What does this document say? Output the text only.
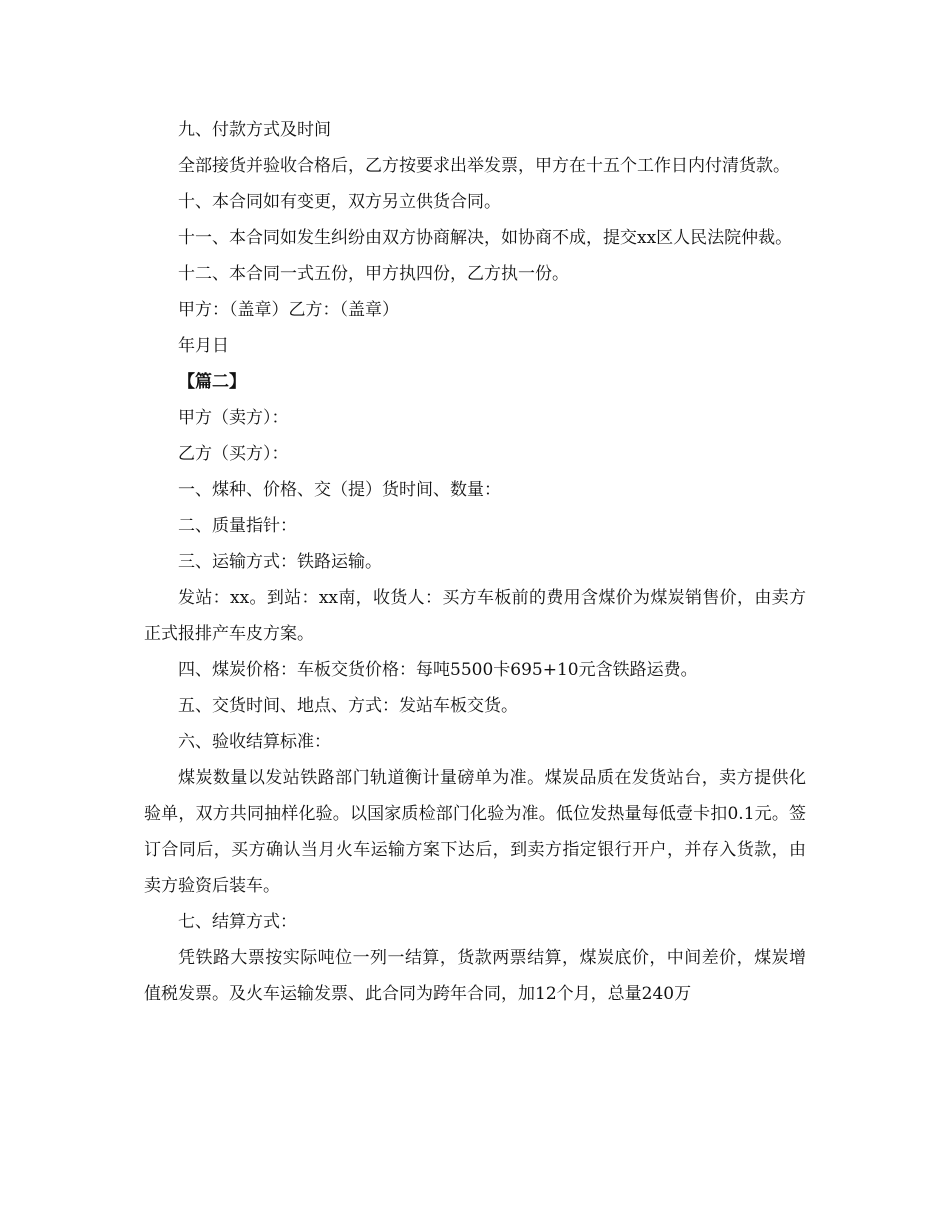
九、付款方式及时间

全部接货并验收合格后，乙方按要求出举发票，甲方在十五个工作日内付清货款。

十、本合同如有变更，双方另立供货合同。

十一、本合同如发生纠纷由双方协商解决，如协商不成，提交xx区人民法院仲裁。

十二、本合同一式五份，甲方执四份，乙方执一份。

甲方：（盖章）乙方：（盖章）

年月日

【篇二】

甲方（卖方）：

乙方（买方）：

一、煤种、价格、交（提）货时间、数量：

二、质量指针：

三、运输方式：铁路运输。

发站：xx。到站：xx南，收货人：买方车板前的费用含煤价为煤炭销售价，由卖方正式报排产车皮方案。

四、煤炭价格：车板交货价格：每吨5500卡695+10元含铁路运费。

五、交货时间、地点、方式：发站车板交货。

六、验收结算标准：

煤炭数量以发站铁路部门轨道衡计量磅单为准。煤炭品质在发货站台，卖方提供化验单，双方共同抽样化验。以国家质检部门化验为准。低位发热量每低壹卡扣0.1元。签订合同后，买方确认当月火车运输方案下达后，到卖方指定银行开户，并存入货款，由卖方验资后装车。

七、结算方式：

凭铁路大票按实际吨位一列一结算，货款两票结算，煤炭底价，中间差价，煤炭增值税发票。及火车运输发票、此合同为跨年合同，加12个月，总量240万
